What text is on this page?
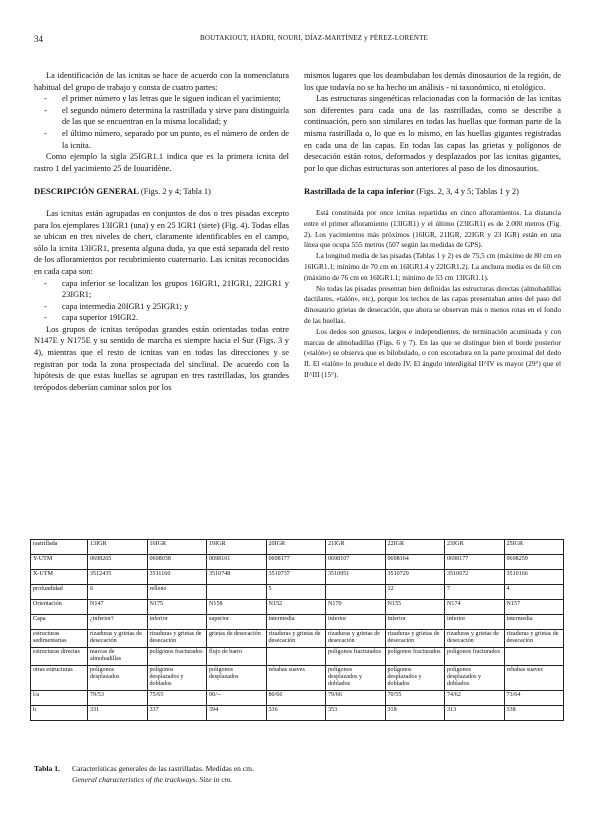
34	BOUTAKIOUT, HADRI, NOURI, DÍAZ-MARTÍNEZ y PÉREZ-LORENTE

La identificación de las icnitas se hace de acuerdo con la nomenclatura habitual del grupo de trabajo y consta de cuatro partes:

- el primer número y las letras que le siguen indican el yacimiento;
- el segundo número determina la rastrillada y sirve para distinguirla de las que se encuentran en la misma localidad; y
- el último número, separado por un punto, es el número de orden de la icnita.

Como ejemplo la sigla 25IGR1.1 indica que es la primera icnita del rastro 1 del yacimiento 25 de Iouaridène.

DESCRIPCIÓN GENERAL (Figs. 2 y 4; Tabla 1)

Las icnitas están agrupadas en conjuntos de dos o tres pisadas excepto para los ejemplares 13IGR1 (una) y en 25 IGR1 (siete) (Fig. 4). Todas ellas se ubican en tres niveles de chert, claramente identificables en el campo, sólo la icnita 13IGR1, presenta alguna duda, ya que está separada del resto de los afloramientos por recubrimiento cuaternario. Las icnitas reconocidas en cada capa son:

- capa inferior se localizan los grupos 16IGR1, 21IGR1, 22IGR1 y 23IGR1;
- capa intermedia 20IGR1 y 25IGR1; y
- capa superior 19IGR2.

Los grupos de icnitas terópodas grandes están orientadas todas entre N147E y N175E y su sentido de marcha es siempre hacia el Sur (Figs. 3 y 4), mientras que el resto de icnitas van en todas las direcciones y se registran por toda la zona prospectada del sinclinal. De acuerdo con la hipótesis de que estas huellas se agrupan en tres rastrilladas, los grandes terópodos deberían caminar solos por los

mismos lugares que los deambulaban los demás dinosaurios de la región, de los que todavía no se ha hecho un análisis - ni taxonómico, ni etológico.

Las estructuras singenéticas relacionadas con la formación de las icnitas son diferentes para cada una de las rastrilladas, como se describe a continuación, pero son similares en todas las huellas que forman parte de la misma rastrillada o, lo que es lo mismo, en las huellas gigantes registradas en cada una de las capas. En todas las capas las grietas y polígonos de desecación están rotos, deformados y desplazados por las icnitas gigantes, por lo que dichas estructuras son anteriores al paso de los dinosaurios.

Rastrillada de la capa inferior (Figs. 2, 3, 4 y 5; Tablas 1 y 2)

Está constituida por once icnitas repartidas en cinco afloramientos. La distancia entre el primer afloramiento (13IGR1) y el último (23IGR1) es de 2.000 metros (Fig. 2). Los yacimientos más próximos (16IGR, 21IGR, 22IGR y 23 IGR) están en una línea que ocupa 555 metros (507 según las medidas de GPS).

La longitud media de las pisadas (Tablas 1 y 2) es de 75,5 cm (máximo de 80 cm en 16IGR1.1; mínimo de 70 cm en 16IGR1.4 y 22IGR1.2). La anchura media es de 60 cm (máximo de 76 cm en 16IGR1.1; mínimo de 53 cm 13IGR1.1).

No todas las pisadas presentan bien definidas las estructuras directas (almohadillas dactilares, «talón», etc), porque los techos de las capas presentaban antes del paso del dinosaurio grietas de desecación, que ahora se observan más o menos rotas en el fondo de las huellas.

Los dedos son gruesos, largos e independientes, de terminación acuminada y con marcas de almohadillas (Figs. 6 y 7). En las que se distingue bien el borde posterior («talón») se observa que es bilobulado, o con escotadura en la parte proximal del dedo II. El «talón» lo produce el dedo IV. El ángulo interdigital II^IV es mayor (29°) que el II^III (15°).

rastrillada	13IGR	16IGR	19IGR	20IGR	21IGR	22IGR	23IGR	25IGR
Y-UTM	0698265	0698038	0698101	0698177	0698107	0698164	0698177	0698259
X-UTM	3512435	3511160	3510748	3510737	3510951	3510729	3510672	3510166
profundidad	6	relleno		5		12	7	4
Orientación	N147	N175	N158	N152	N170	N155	N174	N157
Capa	¿inferior?	inferior	superior	intermedia	inferior	inferior	inferior	intermedia
estructuras sedimentarias	rizaduras y grietas de desecación	rizaduras y grietas de desecación	grietas de desecación	rizaduras y grietas de desecación	rizaduras y grietas de desecación	rizaduras y grietas de desecación	rizaduras y grietas de desecación	rizaduras y grietas de desecación
estructuras directas	marcas de almohadillas	polígonos fracturados	flujo de barro		polígonos fracturados	polígonos fracturados	polígonos fracturados	
otras estructuras	polígonos desplazados	polígonos desplazados y doblados	polígonos desplazados	rebabas suaves	polígonos desplazados y doblados	polígonos desplazados y doblados	polígonos desplazados y doblados	rebabas suaves
l/a	79/53	75/65	90/--	80/66	79/66	70/55	74/62	73/64
h	331	337	394	336	353	318	313	338
Tabla 1. Características generales de las rastrilladas. Medidas en cm.
General characteristics of the trackways. Size in cm.
